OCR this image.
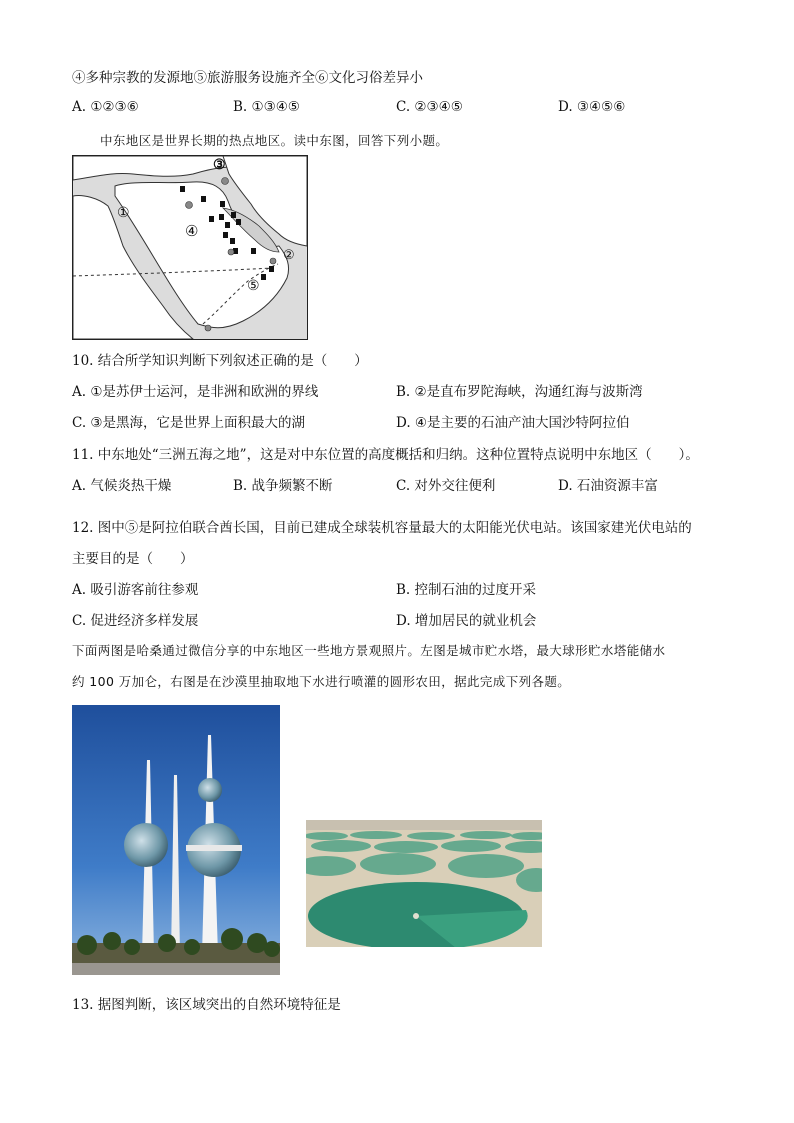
④多种宗教的发源地⑤旅游服务设施齐全⑥文化习俗差异小
A. ①②③⑥	B. ①③④⑤	C. ②③④⑤	D. ③④⑤⑥
中东地区是世界长期的热点地区。读中东图，回答下列小题。
③
①
②
④
⑤
10. 结合所学知识判断下列叙述正确的是（　　）
A. ①是苏伊士运河，是非洲和欧洲的界线	B. ②是直布罗陀海峡，沟通红海与波斯湾
C. ③是黑海，它是世界上面积最大的湖	D. ④是主要的石油产油大国沙特阿拉伯
11. 中东地处“三洲五海之地”，这是对中东位置的高度概括和归纳。这种位置特点说明中东地区（　　）。
A. 气候炎热干燥	B. 战争频繁不断	C. 对外交往便利	D. 石油资源丰富
12. 图中⑤是阿拉伯联合酋长国，目前已建成全球装机容量最大的太阳能光伏电站。该国家建光伏电站的
主要目的是（　　）
A. 吸引游客前往参观	B. 控制石油的过度开采
C. 促进经济多样发展	D. 增加居民的就业机会
下面两图是哈桑通过微信分享的中东地区一些地方景观照片。左图是城市贮水塔，最大球形贮水塔能储水
约 100 万加仑，右图是在沙漠里抽取地下水进行喷灌的圆形农田，据此完成下列各题。
13. 据图判断，该区域突出的自然环境特征是
